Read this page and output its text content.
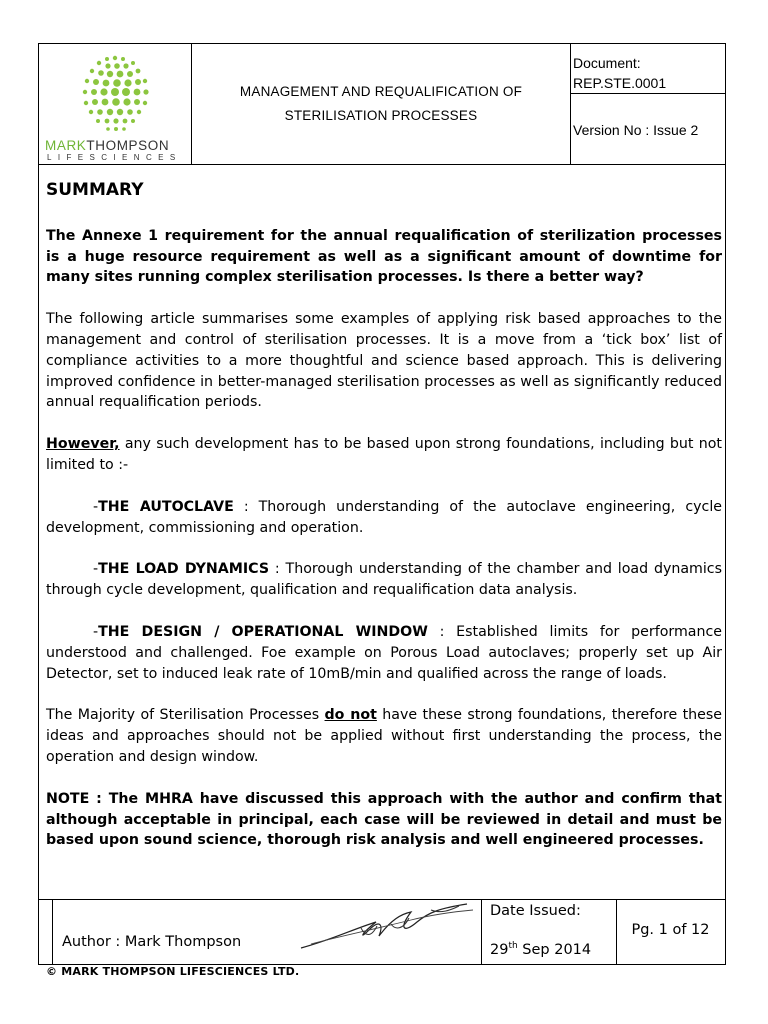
MARKTHOMPSON
LIFESCIENCES
MANAGEMENT AND REQUALIFICATION OF
STERILISATION PROCESSES
Document:
REP.STE.0001
Version No : Issue 2

SUMMARY

The Annexe 1 requirement for the annual requalification of sterilization processes is a huge resource requirement as well as a significant amount of downtime for many sites running complex sterilisation processes. Is there a better way?

The following article summarises some examples of applying risk based approaches to the management and control of sterilisation processes. It is a move from a ‘tick box’ list of compliance activities to a more thoughtful and science based approach. This is delivering improved confidence in better-managed sterilisation processes as well as significantly reduced annual requalification periods.

However, any such development has to be based upon strong foundations, including but not limited to :-

-THE AUTOCLAVE : Thorough understanding of the autoclave engineering, cycle development, commissioning and operation.

-THE LOAD DYNAMICS : Thorough understanding of the chamber and load dynamics through cycle development, qualification and requalification data analysis.

-THE DESIGN / OPERATIONAL WINDOW : Established limits for performance understood and challenged. Foe example on Porous Load autoclaves; properly set up Air Detector, set to induced leak rate of 10mB/min and qualified across the range of loads.

The Majority of Sterilisation Processes do not have these strong foundations, therefore these ideas and approaches should not be applied without first understanding the process, the operation and design window.

NOTE : The MHRA have discussed this approach with the author and confirm that although acceptable in principal, each case will be reviewed in detail and must be based upon sound science, thorough risk analysis and well engineered processes.

Author : Mark Thompson
Date Issued:
29th Sep 2014
Pg. 1 of 12
© MARK THOMPSON LIFESCIENCES LTD.
